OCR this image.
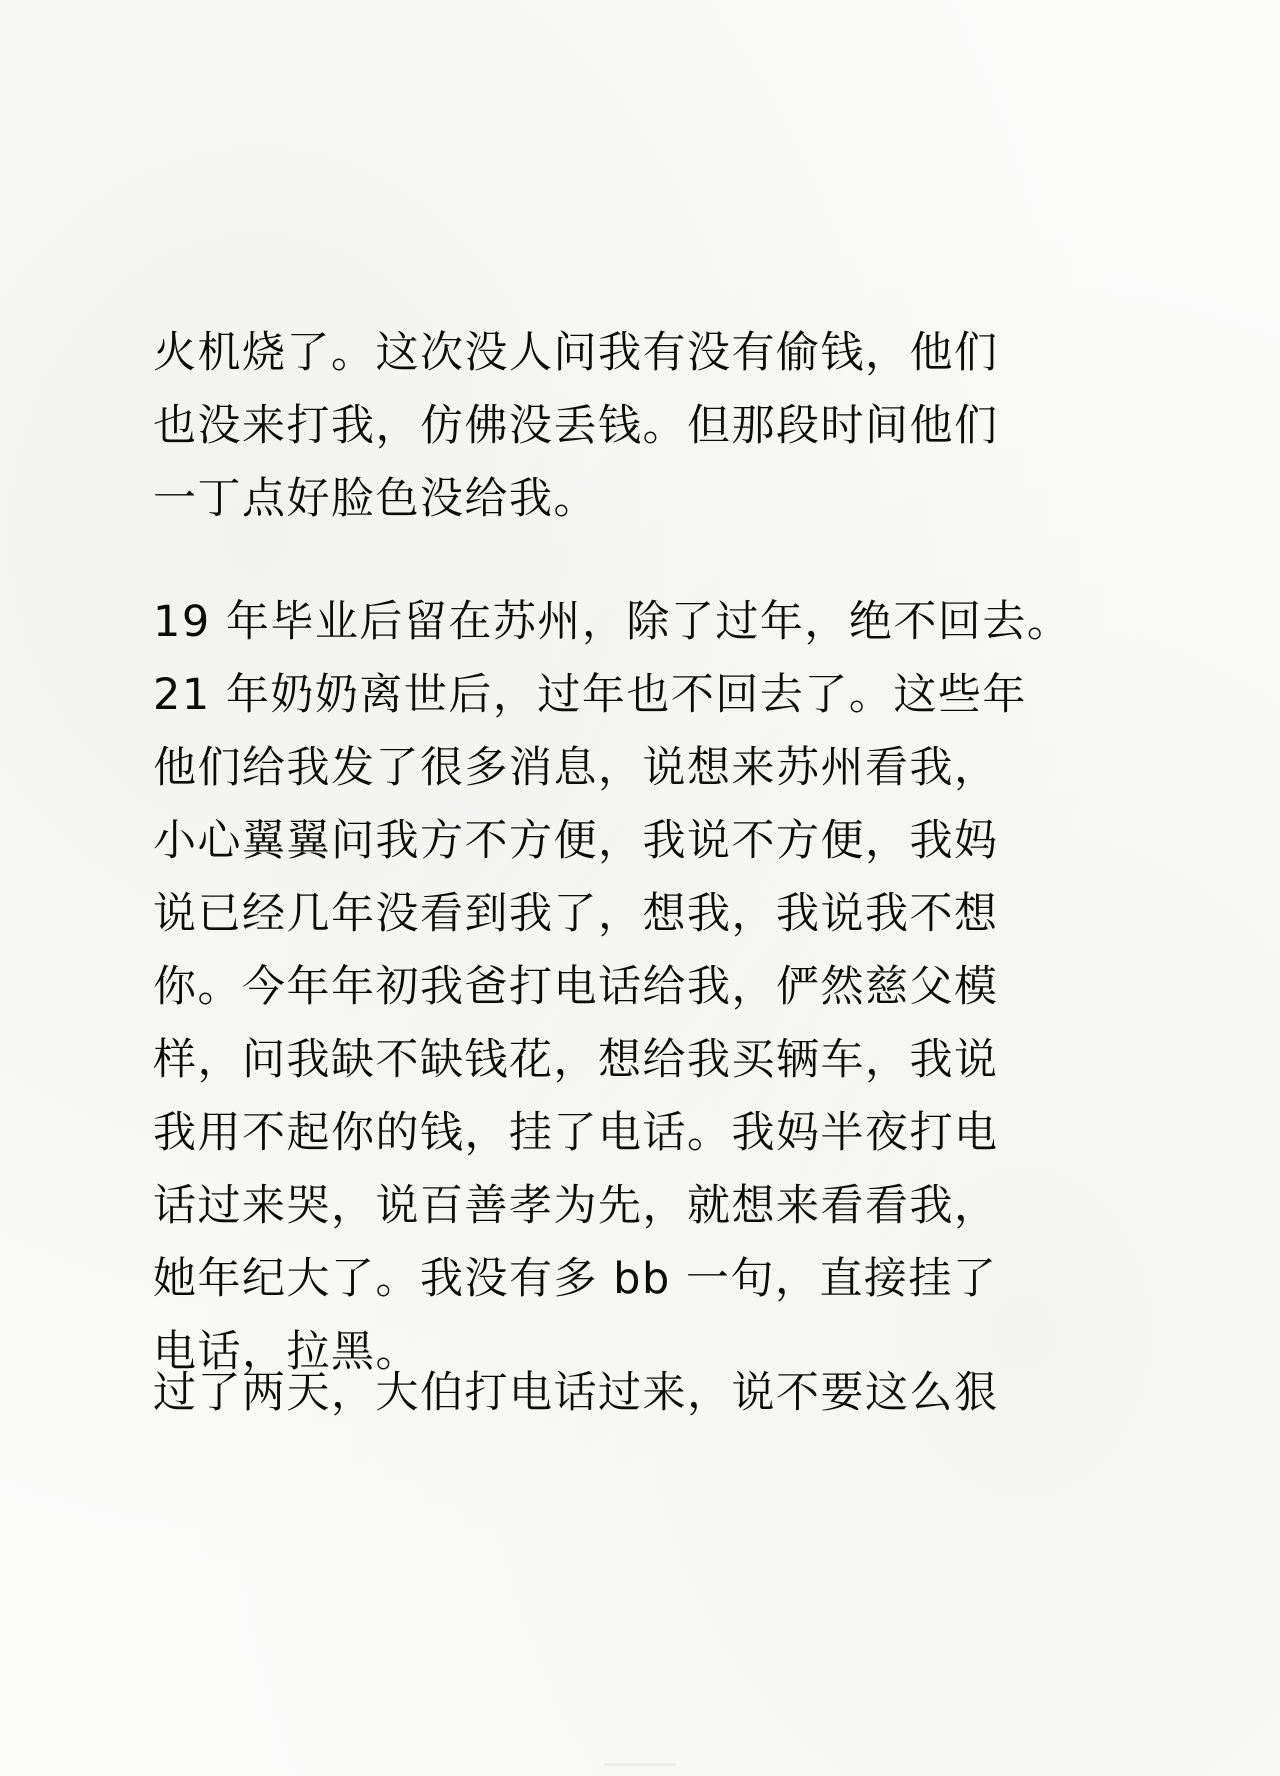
火机烧了。这次没人问我有没有偷钱，他们
也没来打我，仿佛没丢钱。但那段时间他们
一丁点好脸色没给我。
19 年毕业后留在苏州，除了过年，绝不回去。
21 年奶奶离世后，过年也不回去了。这些年
他们给我发了很多消息，说想来苏州看我，
小心翼翼问我方不方便，我说不方便，我妈
说已经几年没看到我了，想我，我说我不想
你。今年年初我爸打电话给我，俨然慈父模
样，问我缺不缺钱花，想给我买辆车，我说
我用不起你的钱，挂了电话。我妈半夜打电
话过来哭，说百善孝为先，就想来看看我，
她年纪大了。我没有多 bb 一句，直接挂了
电话，拉黑。
过了两天，大伯打电话过来，说不要这么狠
